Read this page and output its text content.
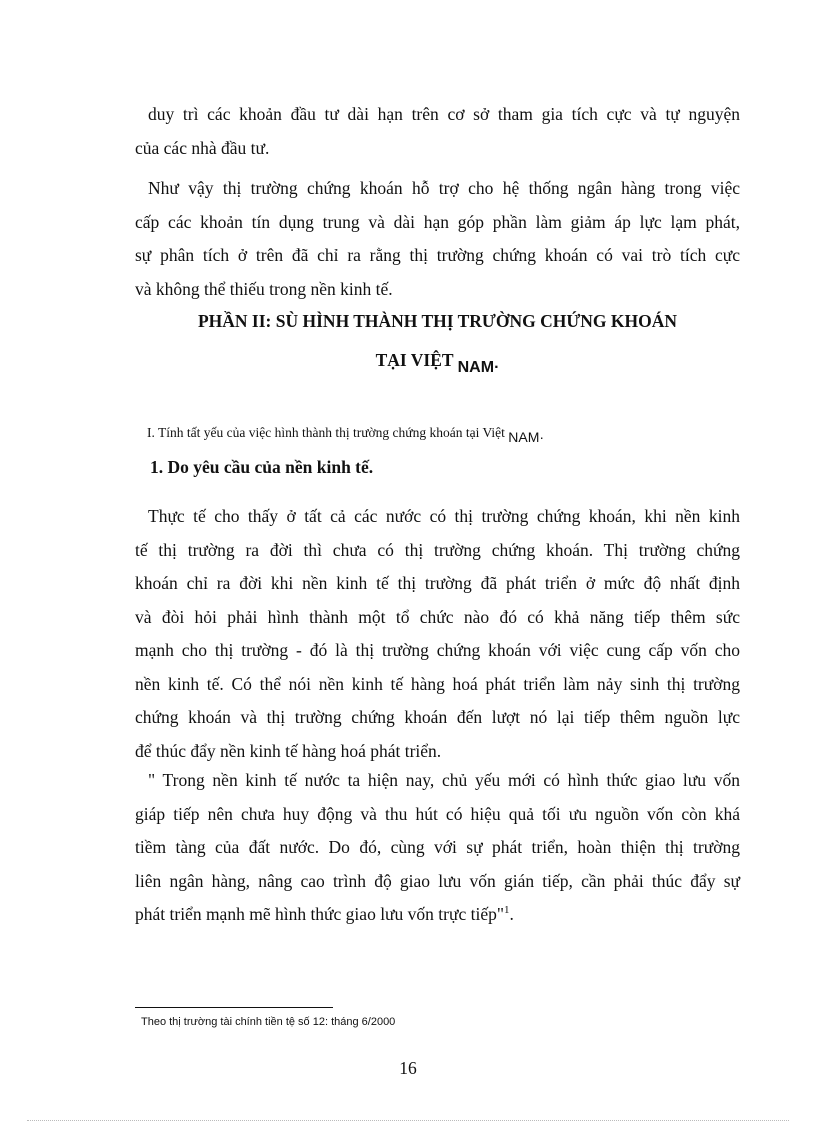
duy trì các khoản đầu tư dài hạn trên cơ sở tham gia tích cực và tự nguyện
của các nhà đầu tư.
Như vậy thị trường chứng khoán hỗ trợ cho hệ thống ngân hàng trong việc
cấp các khoản tín dụng trung và dài hạn góp phần làm giảm áp lực lạm phát,
sự phân tích ở trên đã chỉ ra rằng thị trường chứng khoán có vai trò tích cực
và không thể thiếu trong nền kinh tế.
PHẦN II: SÙ HÌNH THÀNH THỊ TRƯỜNG CHỨNG KHOÁN
TẠI VIỆT NAM·
I. Tính tất yếu của việc hình thành thị trường chứng khoán tại Việt NAM·
1. Do yêu cầu của nền kinh tế.
Thực tế cho thấy ở tất cả các nước có thị trường chứng khoán, khi nền kinh
tế thị trường ra đời thì chưa có thị trường chứng khoán. Thị trường chứng
khoán chỉ ra đời khi nền kinh tế thị trường đã phát triển ở mức độ nhất định
và đòi hỏi phải hình thành một tổ chức nào đó có khả năng tiếp thêm sức
mạnh cho thị trường - đó là thị trường chứng khoán với việc cung cấp vốn cho
nền kinh tế. Có thể nói nền kinh tế hàng hoá phát triển làm nảy sinh thị trường
chứng khoán và thị trường chứng khoán đến lượt nó lại tiếp thêm nguồn lực
để thúc đẩy nền kinh tế hàng hoá phát triển.
" Trong nền kinh tế nước ta hiện nay, chủ yếu mới có hình thức giao lưu vốn
giáp tiếp nên chưa huy động và thu hút có hiệu quả tối ưu nguồn vốn còn khá
tiềm tàng của đất nước. Do đó, cùng với sự phát triển, hoàn thiện thị trường
liên ngân hàng, nâng cao trình độ giao lưu vốn gián tiếp, cần phải thúc đẩy sự
phát triển mạnh mẽ hình thức giao lưu vốn trực tiếp"$^1$.
Theo thị trường tài chính tiền tệ số 12: tháng 6/2000
16
